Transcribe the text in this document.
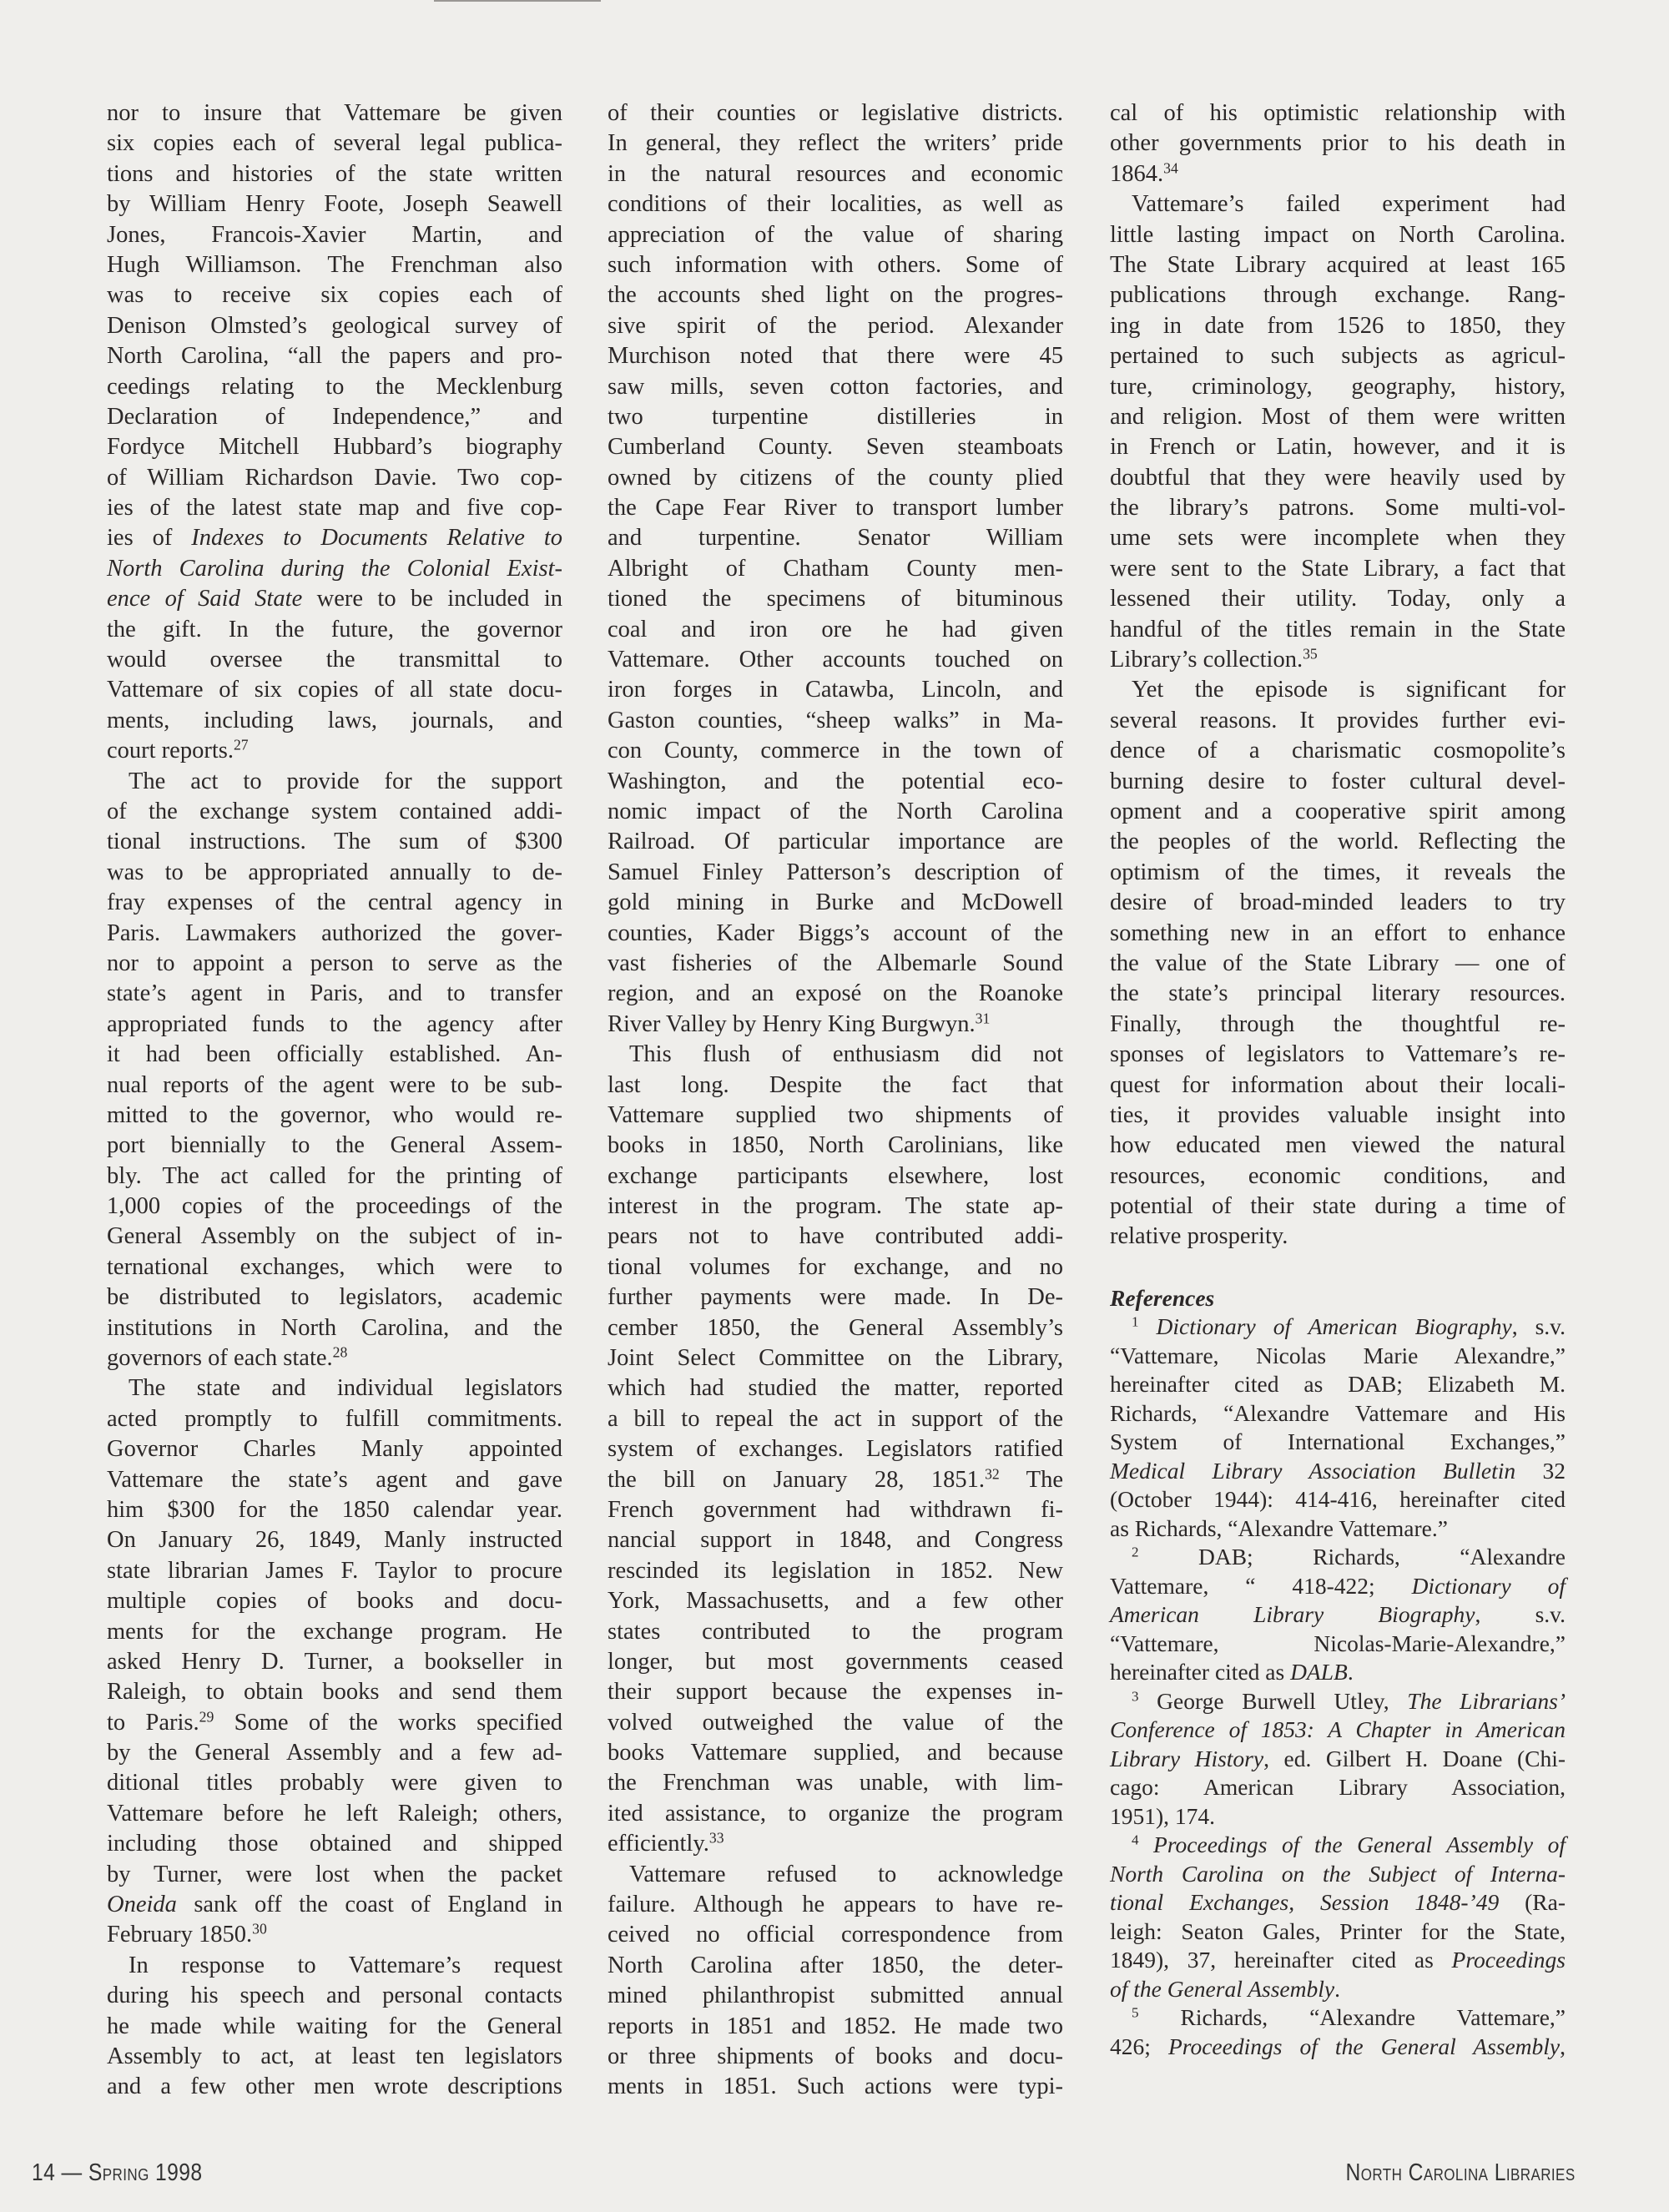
nor to insure that Vattemare be given
six copies each of several legal publica-
tions and histories of the state written
by William Henry Foote, Joseph Seawell
Jones, Francois-Xavier Martin, and
Hugh Williamson. The Frenchman also
was to receive six copies each of
Denison Olmsted’s geological survey of
North Carolina, “all the papers and pro-
ceedings relating to the Mecklenburg
Declaration of Independence,” and
Fordyce Mitchell Hubbard’s biography
of William Richardson Davie. Two cop-
ies of the latest state map and five cop-
ies of Indexes to Documents Relative to
North Carolina during the Colonial Exist-
ence of Said State were to be included in
the gift. In the future, the governor
would oversee the transmittal to
Vattemare of six copies of all state docu-
ments, including laws, journals, and
court reports.$^{27}$
The act to provide for the support
of the exchange system contained addi-
tional instructions. The sum of $300
was to be appropriated annually to de-
fray expenses of the central agency in
Paris. Lawmakers authorized the gover-
nor to appoint a person to serve as the
state’s agent in Paris, and to transfer
appropriated funds to the agency after
it had been officially established. An-
nual reports of the agent were to be sub-
mitted to the governor, who would re-
port biennially to the General Assem-
bly. The act called for the printing of
1,000 copies of the proceedings of the
General Assembly on the subject of in-
ternational exchanges, which were to
be distributed to legislators, academic
institutions in North Carolina, and the
governors of each state.$^{28}$
The state and individual legislators
acted promptly to fulfill commitments.
Governor Charles Manly appointed
Vattemare the state’s agent and gave
him $300 for the 1850 calendar year.
On January 26, 1849, Manly instructed
state librarian James F. Taylor to procure
multiple copies of books and docu-
ments for the exchange program. He
asked Henry D. Turner, a bookseller in
Raleigh, to obtain books and send them
to Paris.$^{29}$ Some of the works specified
by the General Assembly and a few ad-
ditional titles probably were given to
Vattemare before he left Raleigh; others,
including those obtained and shipped
by Turner, were lost when the packet
Oneida sank off the coast of England in
February 1850.30
In response to Vattemare’s request
during his speech and personal contacts
he made while waiting for the General
Assembly to act, at least ten legislators
and a few other men wrote descriptions
of their counties or legislative districts.
In general, they reflect the writers’ pride
in the natural resources and economic
conditions of their localities, as well as
appreciation of the value of sharing
such information with others. Some of
the accounts shed light on the progres-
sive spirit of the period. Alexander
Murchison noted that there were 45
saw mills, seven cotton factories, and
two turpentine distilleries in
Cumberland County. Seven steamboats
owned by citizens of the county plied
the Cape Fear River to transport lumber
and turpentine. Senator William
Albright of Chatham County men-
tioned the specimens of bituminous
coal and iron ore he had given
Vattemare. Other accounts touched on
iron forges in Catawba, Lincoln, and
Gaston counties, “sheep walks” in Ma-
con County, commerce in the town of
Washington, and the potential eco-
nomic impact of the North Carolina
Railroad. Of particular importance are
Samuel Finley Patterson’s description of
gold mining in Burke and McDowell
counties, Kader Biggs’s account of the
vast fisheries of the Albemarle Sound
region, and an exposé on the Roanoke
River Valley by Henry King Burgwyn.$^{31}$
This flush of enthusiasm did not
last long. Despite the fact that
Vattemare supplied two shipments of
books in 1850, North Carolinians, like
exchange participants elsewhere, lost
interest in the program. The state ap-
pears not to have contributed addi-
tional volumes for exchange, and no
further payments were made. In De-
cember 1850, the General Assembly’s
Joint Select Committee on the Library,
which had studied the matter, reported
a bill to repeal the act in support of the
system of exchanges. Legislators ratified
the bill on January 28, 1851.32 The
French government had withdrawn fi-
nancial support in 1848, and Congress
rescinded its legislation in 1852. New
York, Massachusetts, and a few other
states contributed to the program
longer, but most governments ceased
their support because the expenses in-
volved outweighed the value of the
books Vattemare supplied, and because
the Frenchman was unable, with lim-
ited assistance, to organize the program
efficiently.$^{33}$
Vattemare refused to acknowledge
failure. Although he appears to have re-
ceived no official correspondence from
North Carolina after 1850, the deter-
mined philanthropist submitted annual
reports in 1851 and 1852. He made two
or three shipments of books and docu-
ments in 1851. Such actions were typi-
cal of his optimistic relationship with
other governments prior to his death in
1864.34
Vattemare’s failed experiment had
little lasting impact on North Carolina.
The State Library acquired at least 165
publications through exchange. Rang-
ing in date from 1526 to 1850, they
pertained to such subjects as agricul-
ture, criminology, geography, history,
and religion. Most of them were written
in French or Latin, however, and it is
doubtful that they were heavily used by
the library’s patrons. Some multi-vol-
ume sets were incomplete when they
were sent to the State Library, a fact that
lessened their utility. Today, only a
handful of the titles remain in the State
Library’s collection.$^{35}$
Yet the episode is significant for
several reasons. It provides further evi-
dence of a charismatic cosmopolite’s
burning desire to foster cultural devel-
opment and a cooperative spirit among
the peoples of the world. Reflecting the
optimism of the times, it reveals the
desire of broad-minded leaders to try
something new in an effort to enhance
the value of the State Library — one of
the state’s principal literary resources.
Finally, through the thoughtful re-
sponses of legislators to Vattemare’s re-
quest for information about their locali-
ties, it provides valuable insight into
how educated men viewed the natural
resources, economic conditions, and
potential of their state during a time of
relative prosperity.
References
$^1$ Dictionary of American Biography, s.v.
“Vattemare, Nicolas Marie Alexandre,”
hereinafter cited as DAB; Elizabeth M.
Richards, “Alexandre Vattemare and His
System of International Exchanges,”
Medical Library Association Bulletin 32
(October 1944): 414-416, hereinafter cited
as Richards, “Alexandre Vattemare.”
$^2$ DAB; Richards, “Alexandre
Vattemare, “ 418-422; Dictionary of
American Library Biography, s.v.
“Vattemare, Nicolas-Marie-Alexandre,”
hereinafter cited as DALB.
$^3$ George Burwell Utley, The Librarians’
Conference of 1853: A Chapter in American
Library History, ed. Gilbert H. Doane (Chi-
cago: American Library Association,
1951), 174.
$^4$ Proceedings of the General Assembly of
North Carolina on the Subject of Interna-
tional Exchanges, Session 1848-’49 (Ra-
leigh: Seaton Gales, Printer for the State,
1849), 37, hereinafter cited as Proceedings
of the General Assembly.
$^5$ Richards, “Alexandre Vattemare,”
426; Proceedings of the General Assembly,
14 — Spring 1998	North Carolina Libraries
